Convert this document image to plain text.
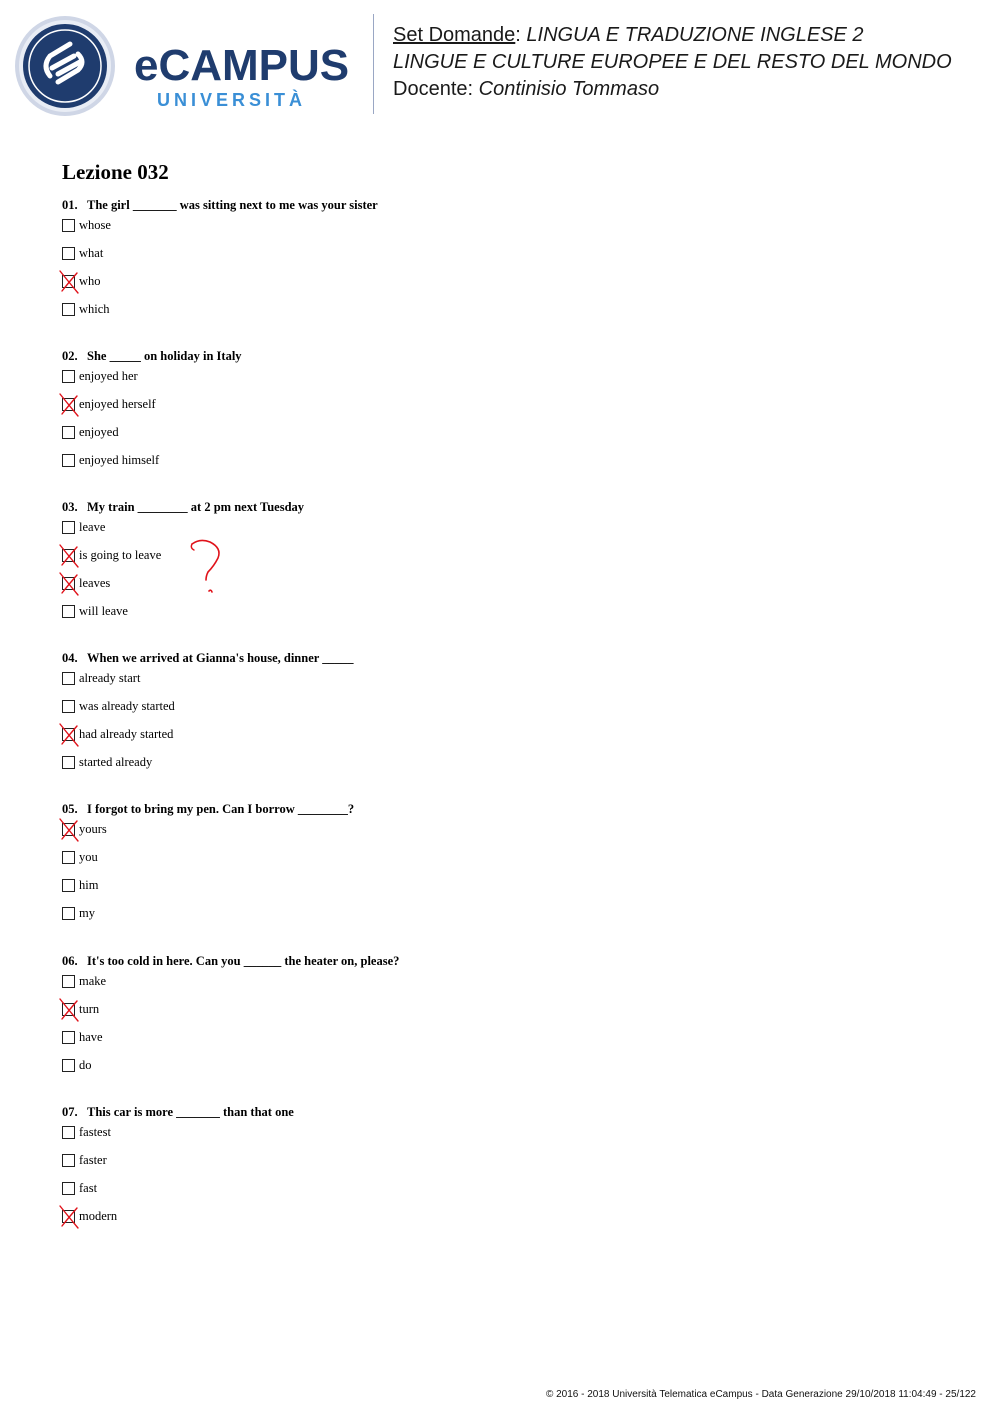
eCAMPUS
UNIVERSITÀ
Set Domande: LINGUA E TRADUZIONE INGLESE 2
LINGUE E CULTURE EUROPEE E DEL RESTO DEL MONDO
Docente: Continisio Tommaso
Lezione 032
01. The girl _______ was sitting next to me was your sister
whose
what
who
which
02. She _____ on holiday in Italy
enjoyed her
enjoyed herself
enjoyed
enjoyed himself
03. My train ________ at 2 pm next Tuesday
leave
is going to leave
leaves
will leave
04. When we arrived at Gianna's house, dinner _____
already start
was already started
had already started
started already
05. I forgot to bring my pen. Can I borrow ________?
yours
you
him
my
06. It's too cold in here. Can you ______ the heater on, please?
make
turn
have
do
07. This car is more _______ than that one
fastest
faster
fast
modern
© 2016 - 2018 Università Telematica eCampus - Data Generazione 29/10/2018 11:04:49 - 25/122
